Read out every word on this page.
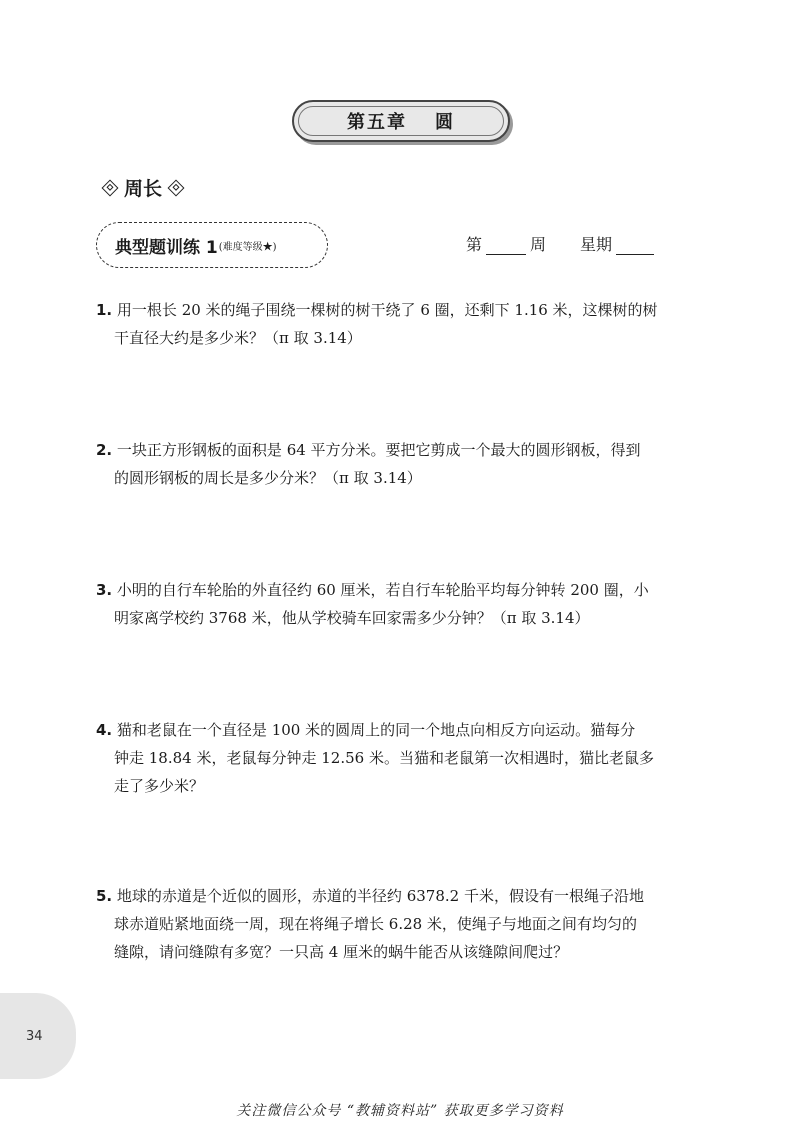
第五章 圆
周长
典型题训练 1 (难度等级★)	第	周 星期
1. 用一根长 20 米的绳子围绕一棵树的树干绕了 6 圈，还剩下 1.16 米，这棵树的树
干直径大约是多少米？（π 取 3.14）
2. 一块正方形钢板的面积是 64 平方分米。要把它剪成一个最大的圆形钢板，得到
的圆形钢板的周长是多少分米？（π 取 3.14）
3. 小明的自行车轮胎的外直径约 60 厘米，若自行车轮胎平均每分钟转 200 圈，小
明家离学校约 3768 米，他从学校骑车回家需多少分钟？（π 取 3.14）
4. 猫和老鼠在一个直径是 100 米的圆周上的同一个地点向相反方向运动。猫每分
钟走 18.84 米，老鼠每分钟走 12.56 米。当猫和老鼠第一次相遇时，猫比老鼠多
走了多少米？
5. 地球的赤道是个近似的圆形，赤道的半径约 6378.2 千米，假设有一根绳子沿地
球赤道贴紧地面绕一周，现在将绳子增长 6.28 米，使绳子与地面之间有均匀的
缝隙，请问缝隙有多宽？一只高 4 厘米的蜗牛能否从该缝隙间爬过？
34
关注微信公众号 “教辅资料站” 获取更多学习资料
